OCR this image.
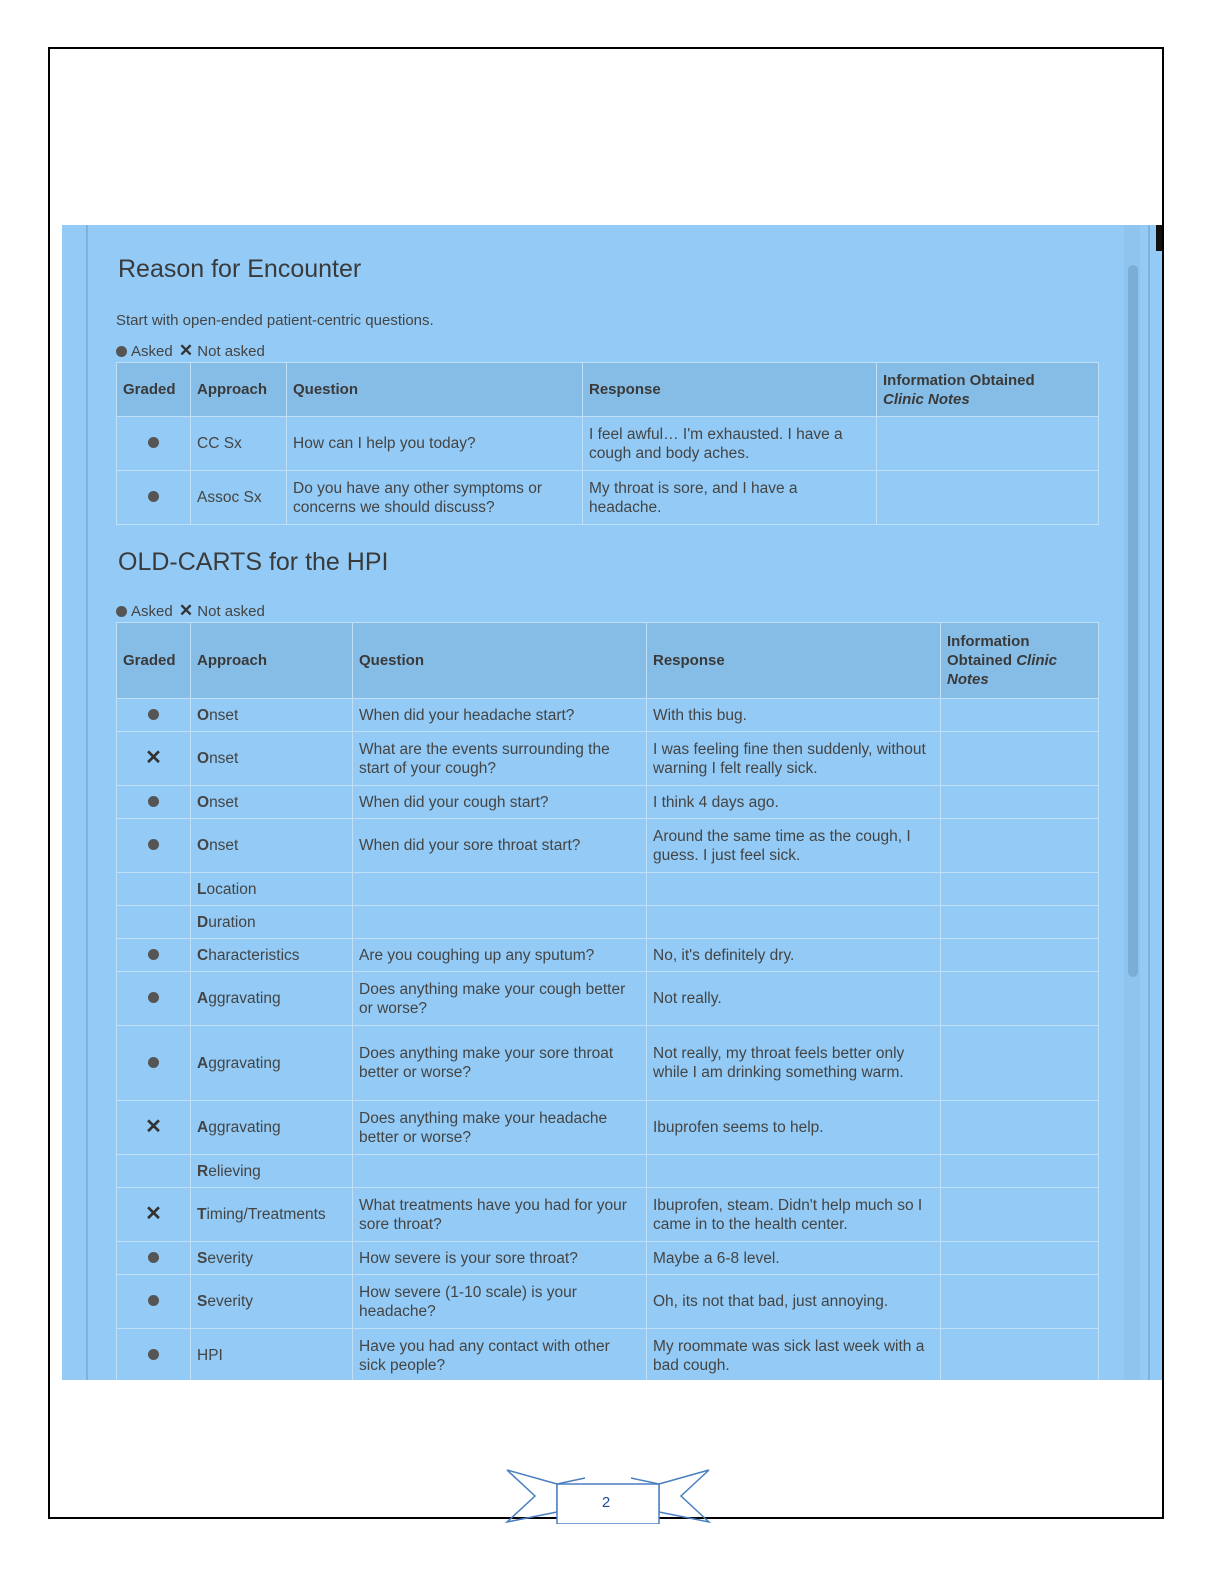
Reason for Encounter
Start with open-ended patient-centric questions.
Asked ✕ Not asked
Graded	Approach	Question	Response	Information Obtained
Clinic Notes
	CC Sx	How can I help you today?	I feel awful… I'm exhausted. I have a cough and body aches.	
	Assoc Sx	Do you have any other symptoms or concerns we should discuss?	My throat is sore, and I have a headache.	
OLD-CARTS for the HPI
Asked ✕ Not asked
Graded	Approach	Question	Response	Information Obtained Clinic
Notes
	Onset	When did your headache start?	With this bug.	
✕	Onset	What are the events surrounding the start of your cough?	I was feeling fine then suddenly, without warning I felt really sick.	
	Onset	When did your cough start?	I think 4 days ago.	
	Onset	When did your sore throat start?	Around the same time as the cough, I guess. I just feel sick.	
	Location			
	Duration			
	Characteristics	Are you coughing up any sputum?	No, it's definitely dry.	
	Aggravating	Does anything make your cough better or worse?	Not really.	
	Aggravating	Does anything make your sore throat better or worse?	Not really, my throat feels better only while I am drinking something warm.	
✕	Aggravating	Does anything make your headache better or worse?	Ibuprofen seems to help.	
	Relieving			
✕	Timing/Treatments	What treatments have you had for your sore throat?	Ibuprofen, steam. Didn't help much so I came in to the health center.	
	Severity	How severe is your sore throat?	Maybe a 6-8 level.	
	Severity	How severe (1-10 scale) is your headache?	Oh, its not that bad, just annoying.	
	HPI	Have you had any contact with other sick people?	My roommate was sick last week with a bad cough.	
2
